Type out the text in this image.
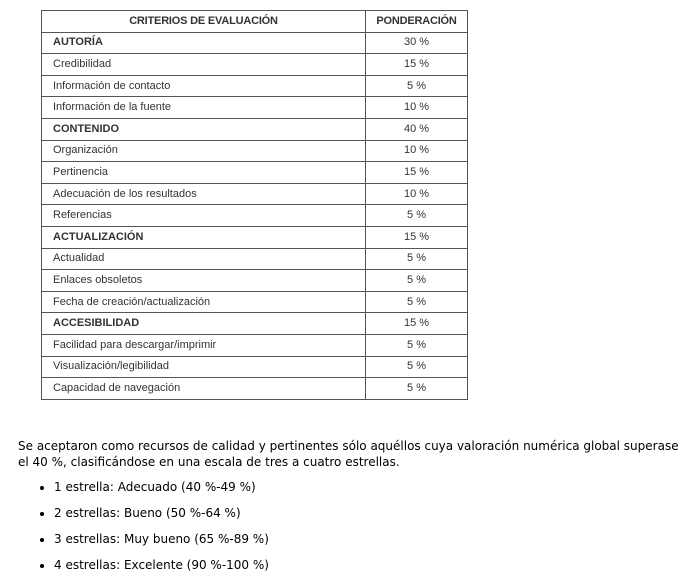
CRITERIOS DE EVALUACIÓN	PONDERACIÓN
AUTORÍA	30 %
Credibilidad	15 %
Información de contacto	5 %
Información de la fuente	10 %
CONTENIDO	40 %
Organización	10 %
Pertinencia	15 %
Adecuación de los resultados	10 %
Referencias	5 %
ACTUALIZACIÓN	15 %
Actualidad	5 %
Enlaces obsoletos	5 %
Fecha de creación/actualización	5 %
ACCESIBILIDAD	15 %
Facilidad para descargar/imprimir	5 %
Visualización/legibilidad	5 %
Capacidad de navegación	5 %

Se aceptaron como recursos de calidad y pertinentes sólo aquéllos cuya valoración numérica global superase el 40 %, clasificándose en una escala de tres a cuatro estrellas.

• 1 estrella: Adecuado (40 %-49 %)
• 2 estrellas: Bueno (50 %-64 %)
• 3 estrellas: Muy bueno (65 %-89 %)
• 4 estrellas: Excelente (90 %-100 %)
